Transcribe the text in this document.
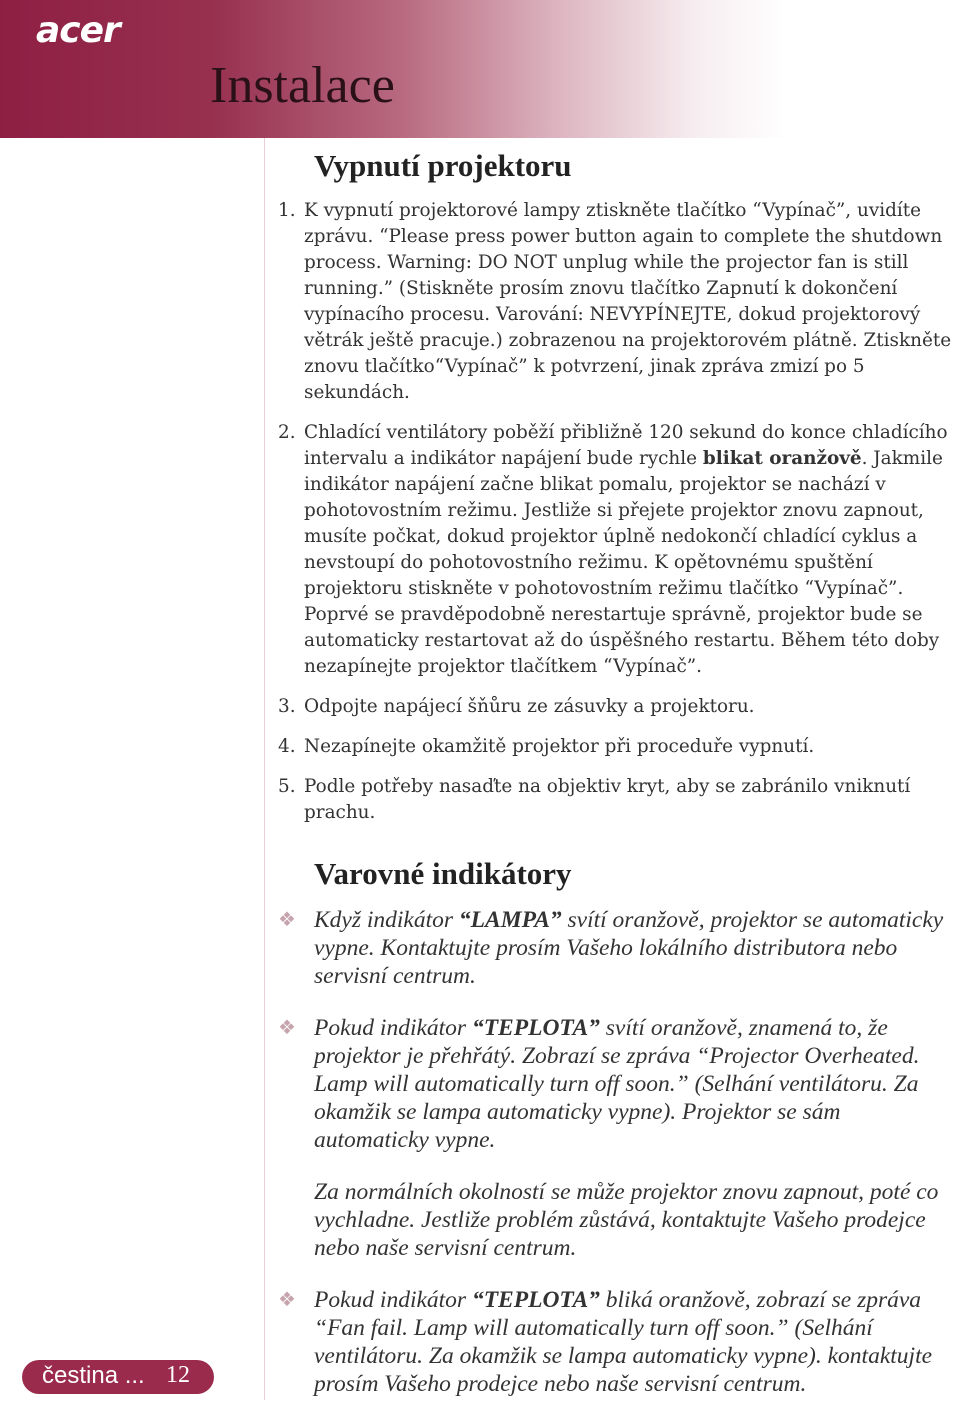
acer
Instalace
Vypnutí projektoru
1. K vypnutí projektorové lampy ztiskněte tlačítko “Vypínač”, uvidíte zprávu. “Please press power button again to complete the shutdown process. Warning: DO NOT unplug while the projector fan is still running.” (Stiskněte prosím znovu tlačítko Zapnutí k dokončení vypínacího procesu. Varování: NEVYPÍNEJTE, dokud projektorový větrák ještě pracuje.) zobrazenou na projektorovém plátně. Ztiskněte znovu tlačítko“Vypínač” k potvrzení, jinak zpráva zmizí po 5 sekundách.
2. Chladící ventilátory poběží přibližně 120 sekund do konce chladícího intervalu a indikátor napájení bude rychle blikat oranžově. Jakmile indikátor napájení začne blikat pomalu, projektor se nachází v pohotovostním režimu. Jestliže si přejete projektor znovu zapnout, musíte počkat, dokud projektor úplně nedokončí chladící cyklus a nevstoupí do pohotovostního režimu. K opětovnému spuštění projektoru stiskněte v pohotovostním režimu tlačítko “Vypínač”. Poprvé se pravděpodobně nerestartuje správně, projektor bude se automaticky restartovat až do úspěšného restartu. Během této doby nezapínejte projektor tlačítkem “Vypínač”.
3. Odpojte napájecí šňůru ze zásuvky a projektoru.
4. Nezapínejte okamžitě projektor při proceduře vypnutí.
5. Podle potřeby nasaďte na objektiv kryt, aby se zabránilo vniknutí prachu.
Varovné indikátory
❖ Když indikátor “LAMPA” svítí oranžově, projektor se automaticky vypne. Kontaktujte prosím Vašeho lokálního distributora nebo servisní centrum.
❖ Pokud indikátor “TEPLOTA” svítí oranžově, znamená to, že projektor je přehřátý. Zobrazí se zpráva “Projector Overheated. Lamp will automatically turn off soon.” (Selhání ventilátoru. Za okamžik se lampa automaticky vypne). Projektor se sám automaticky vypne.
Za normálních okolností se může projektor znovu zapnout, poté co vychladne. Jestliže problém zůstává, kontaktujte Vašeho prodejce nebo naše servisní centrum.
❖ Pokud indikátor “TEPLOTA” bliká oranžově, zobrazí se zpráva “Fan fail. Lamp will automatically turn off soon.” (Selhání ventilátoru. Za okamžik se lampa automaticky vypne). kontaktujte prosím Vašeho prodejce nebo naše servisní centrum.
čestina ... 12
